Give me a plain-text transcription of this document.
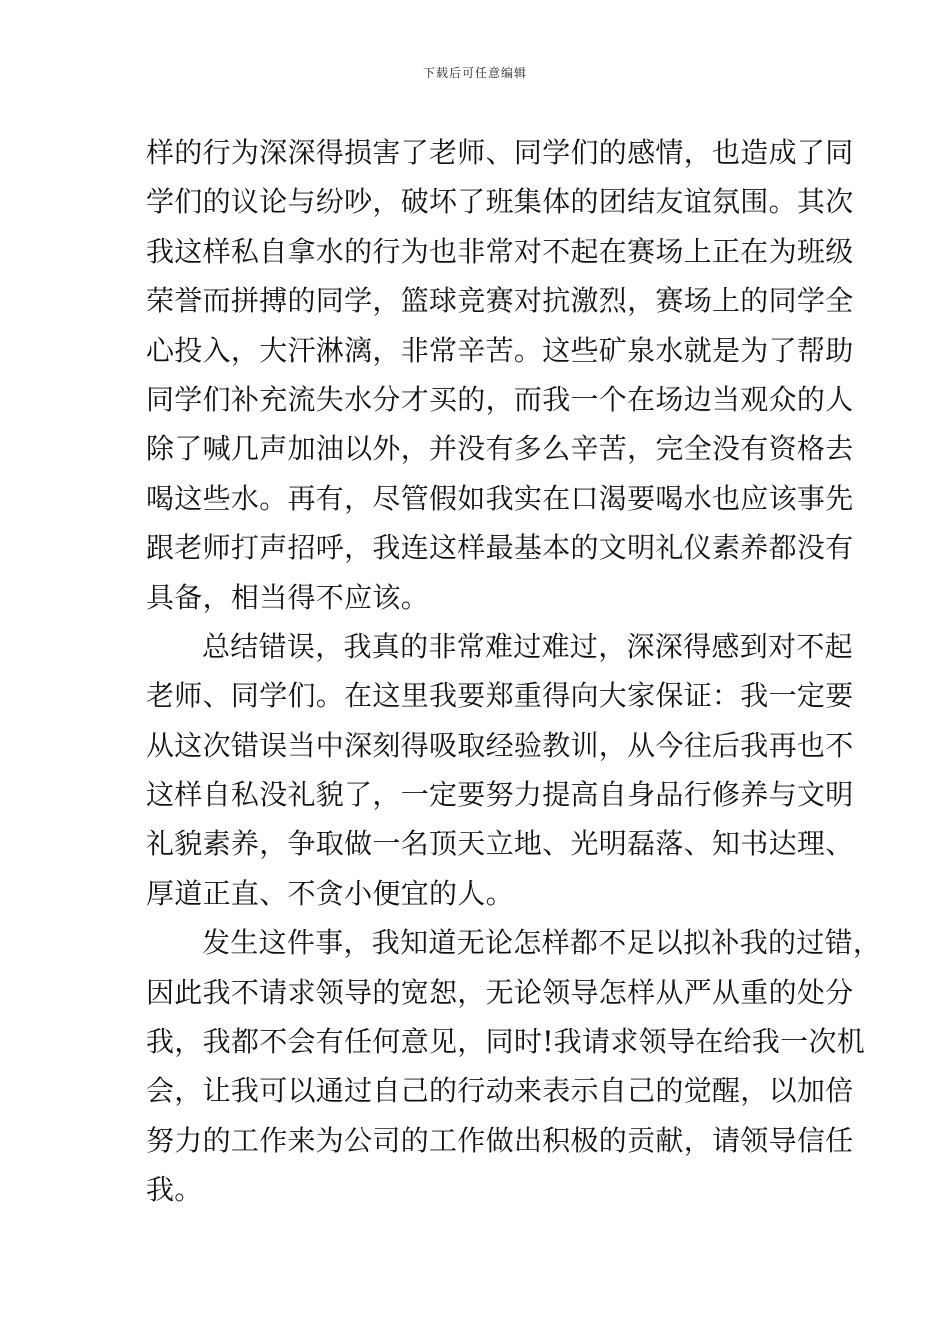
下载后可任意编辑
样的行为深深得损害了老师、同学们的感情，也造成了同
学们的议论与纷吵，破坏了班集体的团结友谊氛围。其次
我这样私自拿水的行为也非常对不起在赛场上正在为班级
荣誉而拼搏的同学，篮球竞赛对抗激烈，赛场上的同学全
心投入，大汗淋漓，非常辛苦。这些矿泉水就是为了帮助
同学们补充流失水分才买的，而我一个在场边当观众的人
除了喊几声加油以外，并没有多么辛苦，完全没有资格去
喝这些水。再有，尽管假如我实在口渴要喝水也应该事先
跟老师打声招呼，我连这样最基本的文明礼仪素养都没有
具备，相当得不应该。
总结错误，我真的非常难过难过，深深得感到对不起
老师、同学们。在这里我要郑重得向大家保证：我一定要
从这次错误当中深刻得吸取经验教训，从今往后我再也不
这样自私没礼貌了，一定要努力提高自身品行修养与文明
礼貌素养，争取做一名顶天立地、光明磊落、知书达理、
厚道正直、不贪小便宜的人。
发生这件事，我知道无论怎样都不足以拟补我的过错，
因此我不请求领导的宽恕，无论领导怎样从严从重的处分
我，我都不会有任何意见，同时!我请求领导在给我一次机
会，让我可以通过自己的行动来表示自己的觉醒，以加倍
努力的工作来为公司的工作做出积极的贡献，请领导信任
我。
